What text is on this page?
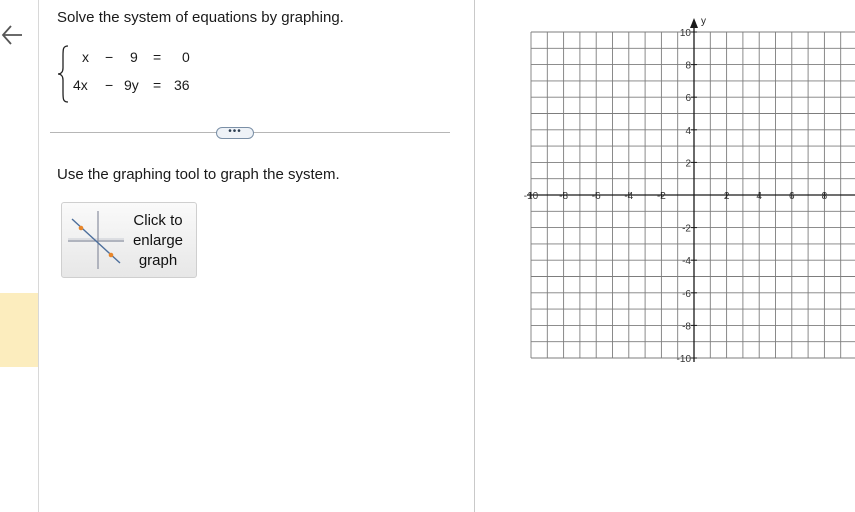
Solve the system of equations by graphing.
x − 9 = 0
4x − 9y = 36
•••
Use the graphing tool to graph the system.
Click to
enlarge
graph
y
-10 -8 -6 -4 -2	2	4	6	8
10
8
6
4
2
-2
-4
-6
-8
-10
